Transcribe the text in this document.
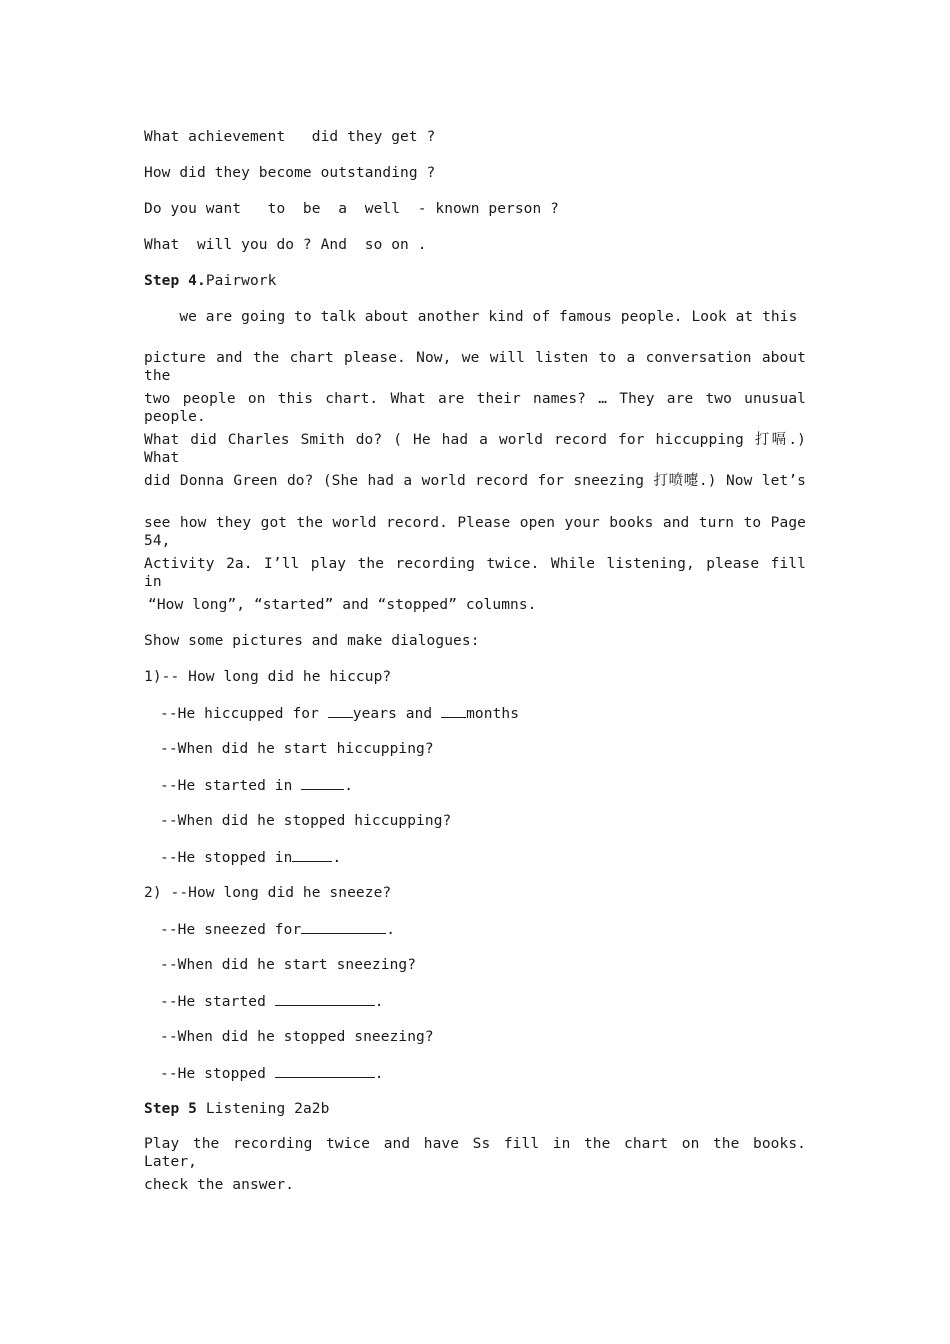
What achievement   did they get ?
How did they become outstanding ?
Do you want   to  be  a  well  - known person ?
What  will you do ? And  so on .
Step 4.Pairwork
we are going to talk about another kind of famous people. Look at this
picture and the chart please. Now, we will listen to a conversation about the
two people on this chart. What are their names? … They are two unusual people.
What did Charles Smith do? ( He had a world record for hiccupping 打嗝.) What
did Donna Green do? (She had a world record for sneezing 打喷嚏.) Now let’s
see how they got the world record. Please open your books and turn to Page 54,
Activity 2a. I’ll play the recording twice. While listening, please fill in
“How long”, “started” and “stopped” columns.
Show some pictures and make dialogues:
1)-- How long did he hiccup?
--He hiccupped for years and months
--When did he start hiccupping?
--He started in	.
--When did he stopped hiccupping?
--He stopped in	.
2) --How long did he sneeze?
--He sneezed for	.
--When did he start sneezing?
--He started	.
--When did he stopped sneezing?
--He stopped	.
Step 5 Listening 2a2b
Play the recording twice and have Ss fill in the chart on the books. Later,
check the answer.
